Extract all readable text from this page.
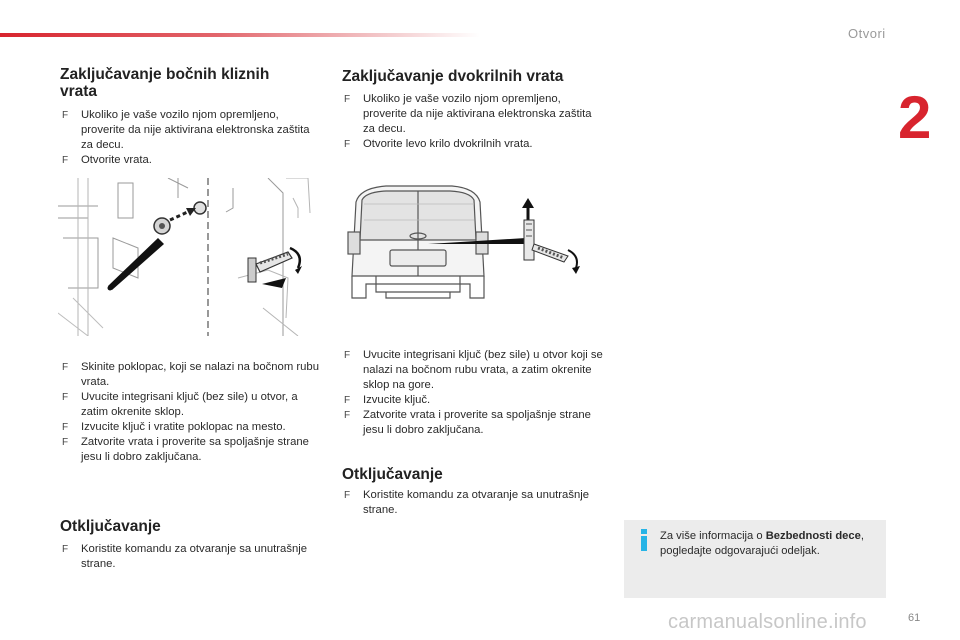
Otvori
2
Zaključavanje bočnih kliznih vrata
F Ukoliko je vaše vozilo njom opremljeno, proverite da nije aktivirana elektronska zaštita za decu.
F Otvorite vrata.
F Skinite poklopac, koji se nalazi na bočnom rubu vrata.
F Uvucite integrisani ključ (bez sile) u otvor, a zatim okrenite sklop.
F Izvucite ključ i vratite poklopac na mesto.
F Zatvorite vrata i proverite sa spoljašnje strane jesu li dobro zaključana.
Otključavanje
F Koristite komandu za otvaranje sa unutrašnje strane.
Zaključavanje dvokrilnih vrata
F Ukoliko je vaše vozilo njom opremljeno, proverite da nije aktivirana elektronska zaštita za decu.
F Otvorite levo krilo dvokrilnih vrata.
F Uvucite integrisani ključ (bez sile) u otvor koji se nalazi na bočnom rubu vrata, a zatim okrenite sklop na gore.
F Izvucite ključ.
F Zatvorite vrata i proverite sa spoljašnje strane jesu li dobro zaključana.
Otključavanje
F Koristite komandu za otvaranje sa unutrašnje strane.
Za više informacija o Bezbednosti dece, pogledajte odgovarajući odeljak.
carmanualsonline.info	61
